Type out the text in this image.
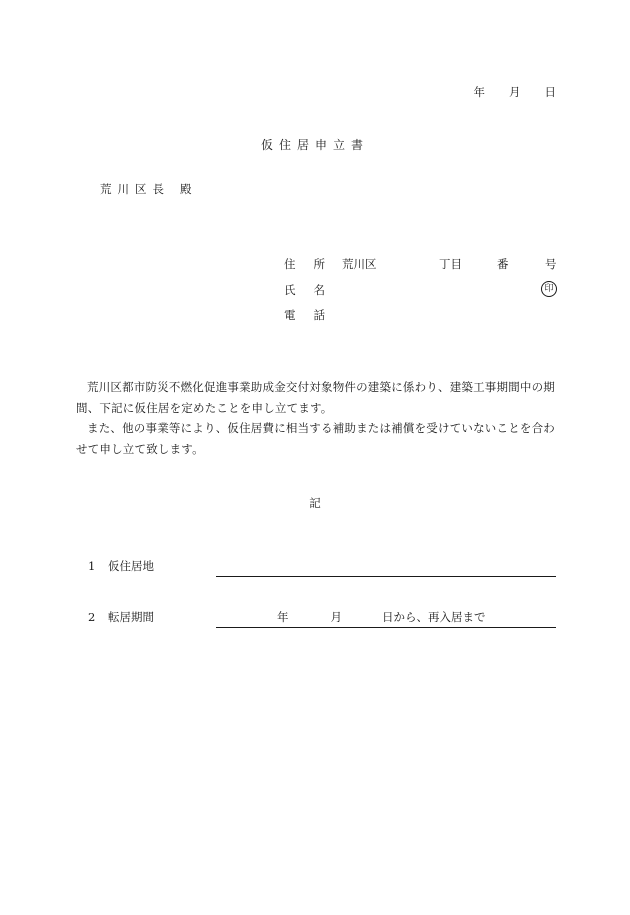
年 月 日
仮住居申立書
荒川区長 殿
住所荒川区	丁目	番	号
氏名	印
電話

荒川区都市防災不燃化促進事業助成金交付対象物件の建築に係わり、建築工事期間中の期間、下記に仮住居を定めたことを申し立てます。

また、他の事業等により、仮住居費に相当する補助または補償を受けていないことを合わせて申し立て致します。

記
1 仮住居地
2 転居期間	年	月	日から、再入居まで
